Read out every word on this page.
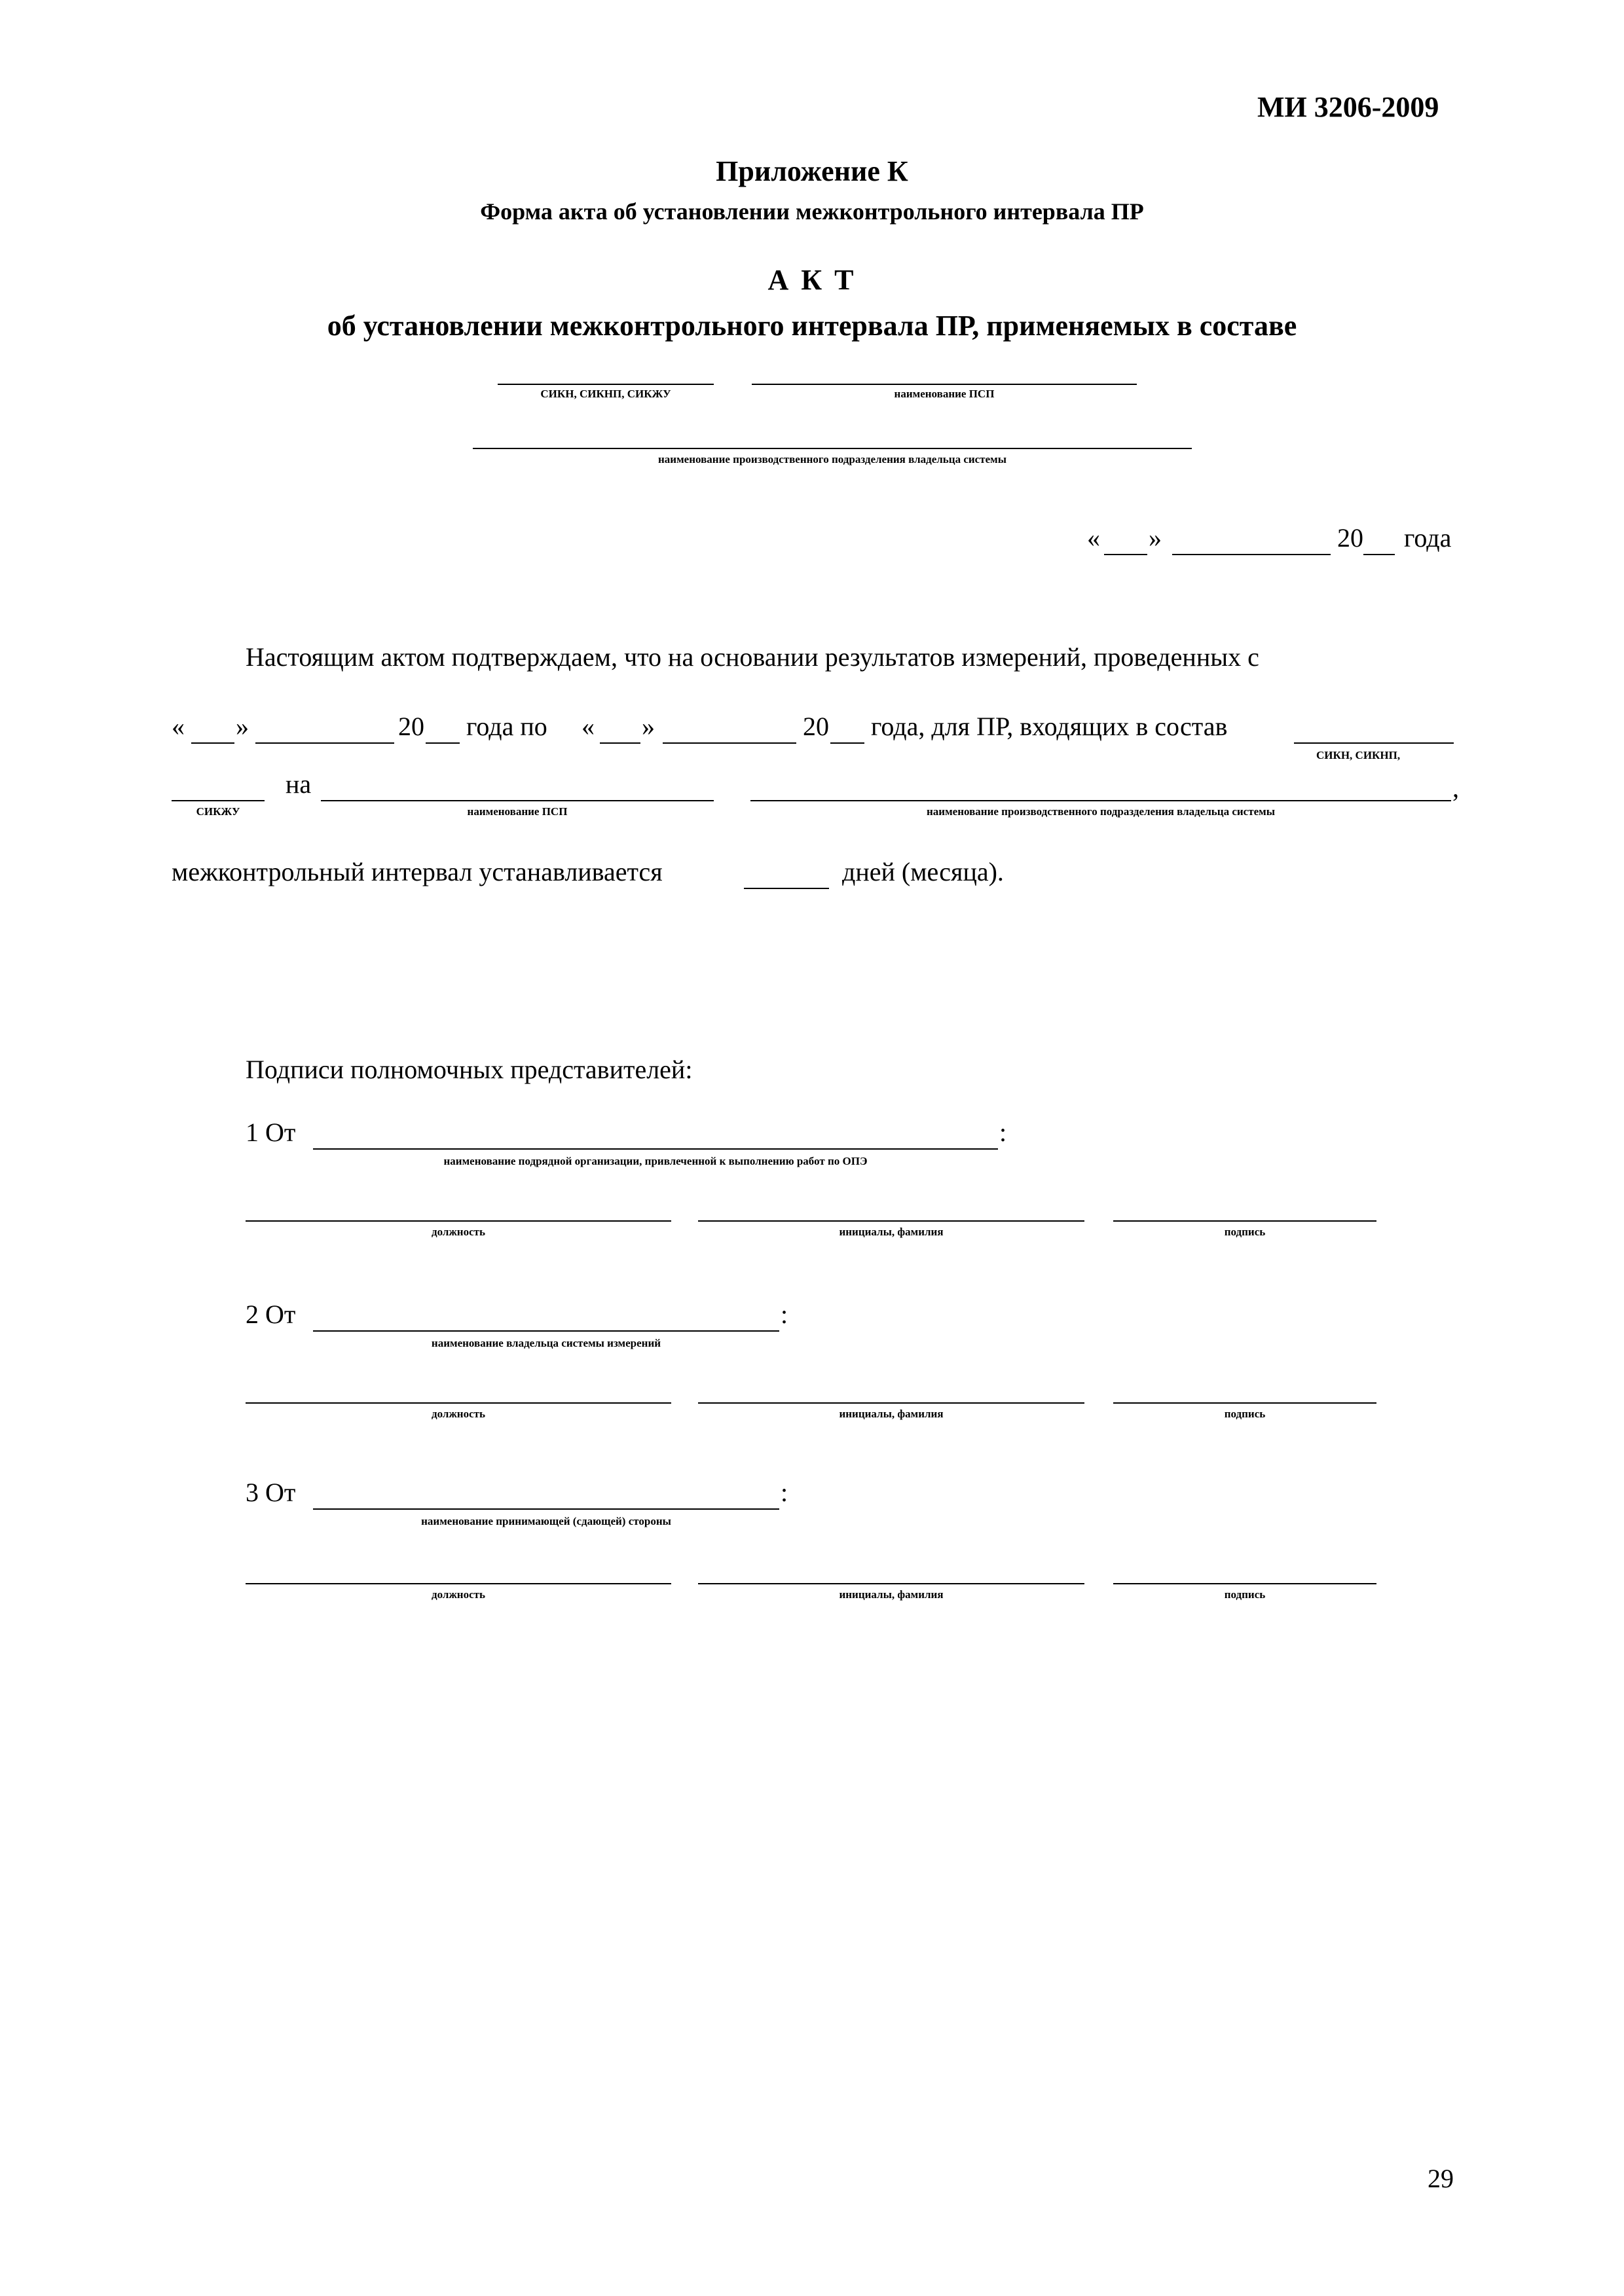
МИ 3206-2009
Приложение К
Форма акта об установлении межконтрольного интервала ПР
А К Т
об установлении межконтрольного интервала ПР, применяемых в составе
СИКН, СИКНП, СИКЖУ	наименование ПСП
наименование производственного подразделения владельца системы
« »	20 года
Настоящим актом подтверждаем, что на основании результатов измерений, проведенных с
« »	20 года по « »	20 года, для ПР, входящих в состав
СИКН, СИКНП,
СИКЖУ
на
наименование ПСП	наименование производственного подразделения владельца системы
,
межконтрольный интервал устанавливается	дней (месяца).
Подписи полномочных представителей:
1 От	:
наименование подрядной организации, привлеченной к выполнению работ по ОПЭ
должность	инициалы, фамилия	подпись
2 От	:
наименование владельца системы измерений
должность	инициалы, фамилия	подпись
3 От	:
наименование принимающей (сдающей) стороны
должность	инициалы, фамилия	подпись
29
